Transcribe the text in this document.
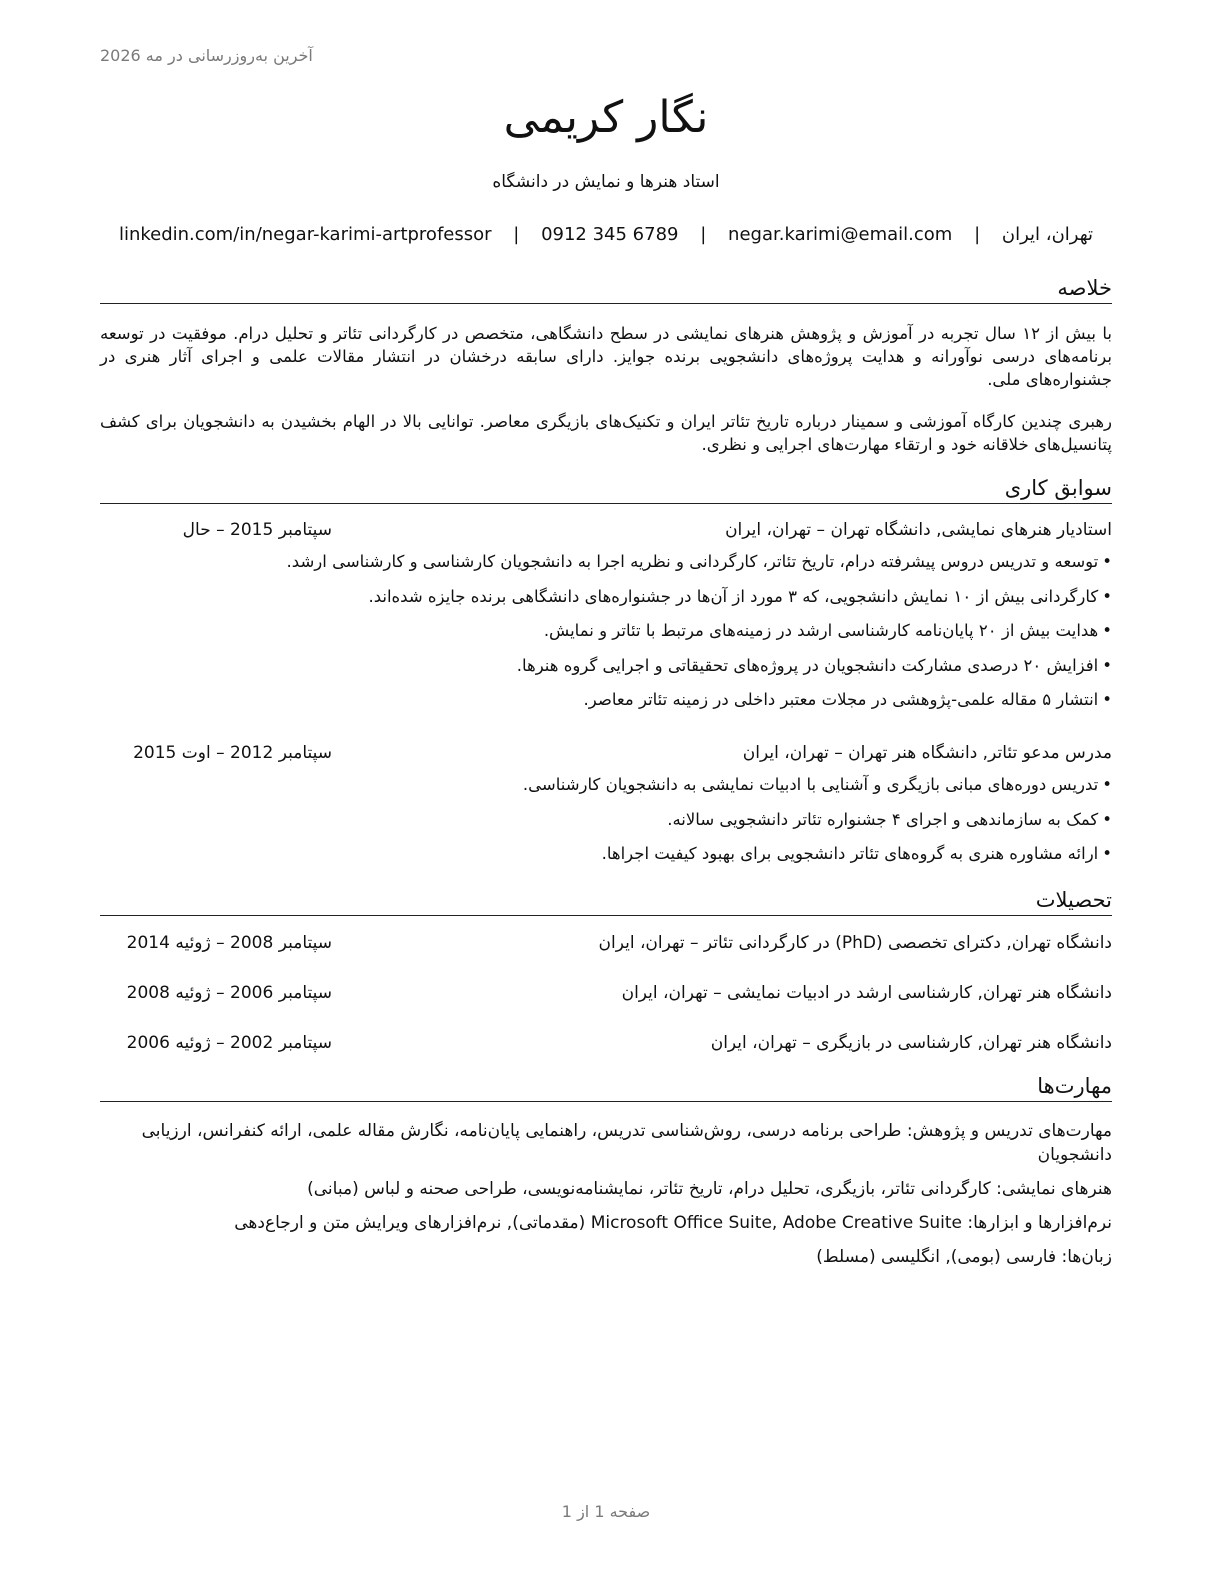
آخرین به‌روزرسانی در مه 2026
نگار کریمی
استاد هنرها و نمایش در دانشگاه
تهران، ایران | negar.karimi@email.com | 0912 345 6789 | linkedin.com/in/negar-karimi-artprofessor
خلاصه
با بیش از ۱۲ سال تجربه در آموزش و پژوهش هنرهای نمایشی در سطح دانشگاهی، متخصص در کارگردانی تئاتر و تحلیل درام. موفقیت در توسعه برنامه‌های درسی نوآورانه و هدایت پروژه‌های دانشجویی برنده جوایز. دارای سابقه درخشان در انتشار مقالات علمی و اجرای آثار هنری در جشنواره‌های ملی.
رهبری چندین کارگاه آموزشی و سمینار درباره تاریخ تئاتر ایران و تکنیک‌های بازیگری معاصر. توانایی بالا در الهام بخشیدن به دانشجویان برای کشف پتانسیل‌های خلاقانه خود و ارتقاء مهارت‌های اجرایی و نظری.
سوابق کاری
استادیار هنرهای نمایشی, دانشگاه تهران – تهران، ایران
سپتامبر 2015 – حال
•توسعه و تدریس دروس پیشرفته درام، تاریخ تئاتر، کارگردانی و نظریه اجرا به دانشجویان کارشناسی و کارشناسی ارشد.
•کارگردانی بیش از ۱۰ نمایش دانشجویی، که ۳ مورد از آن‌ها در جشنواره‌های دانشگاهی برنده جایزه شده‌اند.
•هدایت بیش از ۲۰ پایان‌نامه کارشناسی ارشد در زمینه‌های مرتبط با تئاتر و نمایش.
•افزایش ۲۰ درصدی مشارکت دانشجویان در پروژه‌های تحقیقاتی و اجرایی گروه هنرها.
•انتشار ۵ مقاله علمی-پژوهشی در مجلات معتبر داخلی در زمینه تئاتر معاصر.
مدرس مدعو تئاتر, دانشگاه هنر تهران – تهران، ایران
سپتامبر 2012 – اوت 2015
•تدریس دوره‌های مبانی بازیگری و آشنایی با ادبیات نمایشی به دانشجویان کارشناسی.
•کمک به سازماندهی و اجرای ۴ جشنواره تئاتر دانشجویی سالانه.
•ارائه مشاوره هنری به گروه‌های تئاتر دانشجویی برای بهبود کیفیت اجراها.
تحصیلات
دانشگاه تهران, دکترای تخصصی (PhD) در کارگردانی تئاتر – تهران، ایران
سپتامبر 2008 – ژوئیه 2014
دانشگاه هنر تهران, کارشناسی ارشد در ادبیات نمایشی – تهران، ایران
سپتامبر 2006 – ژوئیه 2008
دانشگاه هنر تهران, کارشناسی در بازیگری – تهران، ایران
سپتامبر 2002 – ژوئیه 2006
مهارت‌ها
مهارت‌های تدریس و پژوهش: طراحی برنامه درسی، روش‌شناسی تدریس، راهنمایی پایان‌نامه، نگارش مقاله علمی، ارائه کنفرانس، ارزیابی دانشجویان
هنرهای نمایشی: کارگردانی تئاتر، بازیگری، تحلیل درام، تاریخ تئاتر، نمایشنامه‌نویسی، طراحی صحنه و لباس (مبانی)
نرم‌افزارها و ابزارها: Microsoft Office Suite, Adobe Creative Suite (مقدماتی), نرم‌افزارهای ویرایش متن و ارجاع‌دهی
زبان‌ها: فارسی (بومی), انگلیسی (مسلط)
صفحه 1 از 1
